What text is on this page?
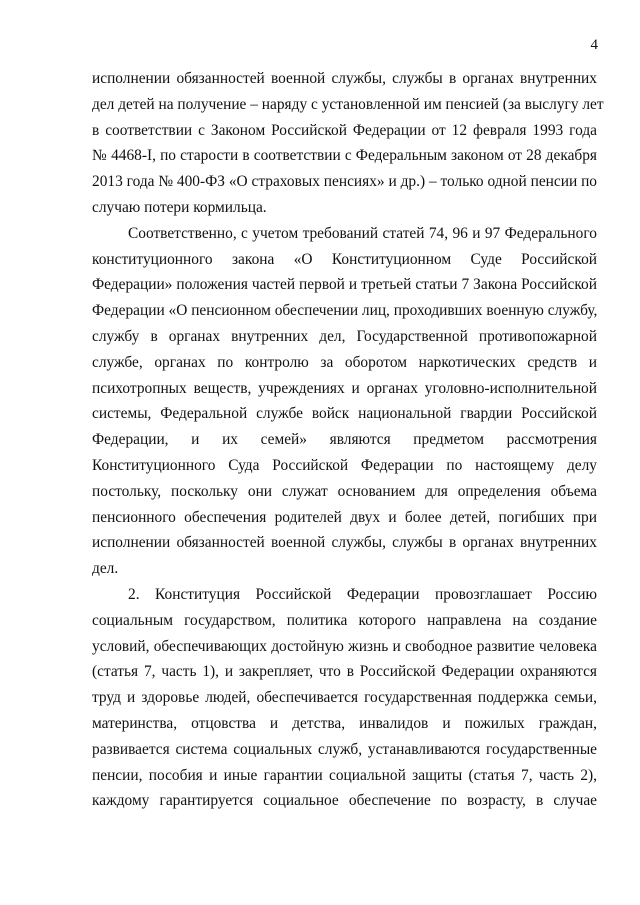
4
исполнении обязанностей военной службы, службы в органах внутренних
дел детей на получение – наряду с установленной им пенсией (за выслугу лет
в соответствии с Законом Российской Федерации от 12 февраля 1993 года
№ 4468-I, по старости в соответствии с Федеральным законом от 28 декабря
2013 года № 400-ФЗ «О страховых пенсиях» и др.) – только одной пенсии по
случаю потери кормильца.
Соответственно, с учетом требований статей 74, 96 и 97 Федерального
конституционного закона «О Конституционном Суде Российской
Федерации» положения частей первой и третьей статьи 7 Закона Российской
Федерации «О пенсионном обеспечении лиц, проходивших военную службу,
службу в органах внутренних дел, Государственной противопожарной
службе, органах по контролю за оборотом наркотических средств и
психотропных веществ, учреждениях и органах уголовно-исполнительной
системы, Федеральной службе войск национальной гвардии Российской
Федерации, и их семей» являются предметом рассмотрения
Конституционного Суда Российской Федерации по настоящему делу
постольку, поскольку они служат основанием для определения объема
пенсионного обеспечения родителей двух и более детей, погибших при
исполнении обязанностей военной службы, службы в органах внутренних
дел.
2. Конституция Российской Федерации провозглашает Россию
социальным государством, политика которого направлена на создание
условий, обеспечивающих достойную жизнь и свободное развитие человека
(статья 7, часть 1), и закрепляет, что в Российской Федерации охраняются
труд и здоровье людей, обеспечивается государственная поддержка семьи,
материнства, отцовства и детства, инвалидов и пожилых граждан,
развивается система социальных служб, устанавливаются государственные
пенсии, пособия и иные гарантии социальной защиты (статья 7, часть 2),
каждому гарантируется социальное обеспечение по возрасту, в случае
